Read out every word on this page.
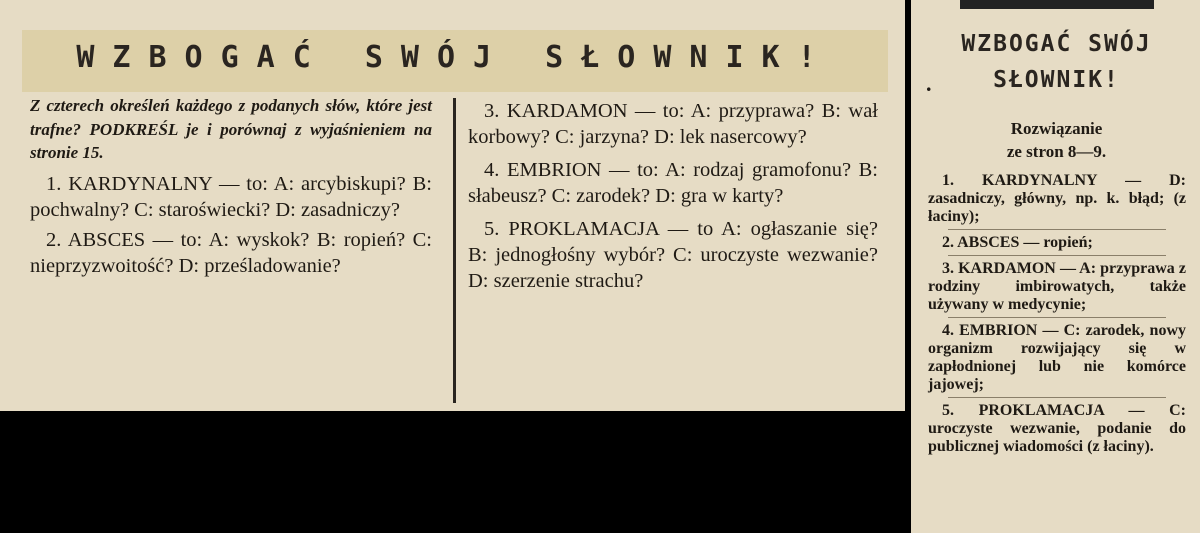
WZBOGAĆ SWÓJ SŁOWNIK!

Z czterech określeń każdego z podanych słów, które jest trafne? PODKREŚL je i porównaj z wyjaśnieniem na stronie 15.

1. KARDYNALNY — to: A: arcybiskupi? B: pochwalny? C: staroświecki? D: zasadniczy?

2. ABSCES — to: A: wyskok? B: ropień? C: nieprzyzwoitość? D: prześladowanie?

3. KARDAMON — to: A: przyprawa? B: wał korbowy? C: jarzyna? D: lek nasercowy?

4. EMBRION — to: A: rodzaj gramofonu? B: słabeusz? C: zarodek? D: gra w karty?

5. PROKLAMACJA — to A: ogłaszanie się? B: jednogłośny wybór? C: uroczyste wezwanie? D: szerzenie strachu?

WZBOGAĆ SWÓJ
SŁOWNIK!
.
Rozwiązanie
ze stron 8—9.

1. KARDYNALNY — D: zasadniczy, główny, np. k. błąd; (z łaciny);

2. ABSCES — ropień;

3. KARDAMON — A: przyprawa z rodziny imbirowatych, także używany w medycynie;

4. EMBRION — C: zarodek, nowy organizm rozwijający się w zapłodnionej lub nie komórce jajowej;

5. PROKLAMACJA — C: uroczyste wezwanie, podanie do publicznej wiadomości (z łaciny).
